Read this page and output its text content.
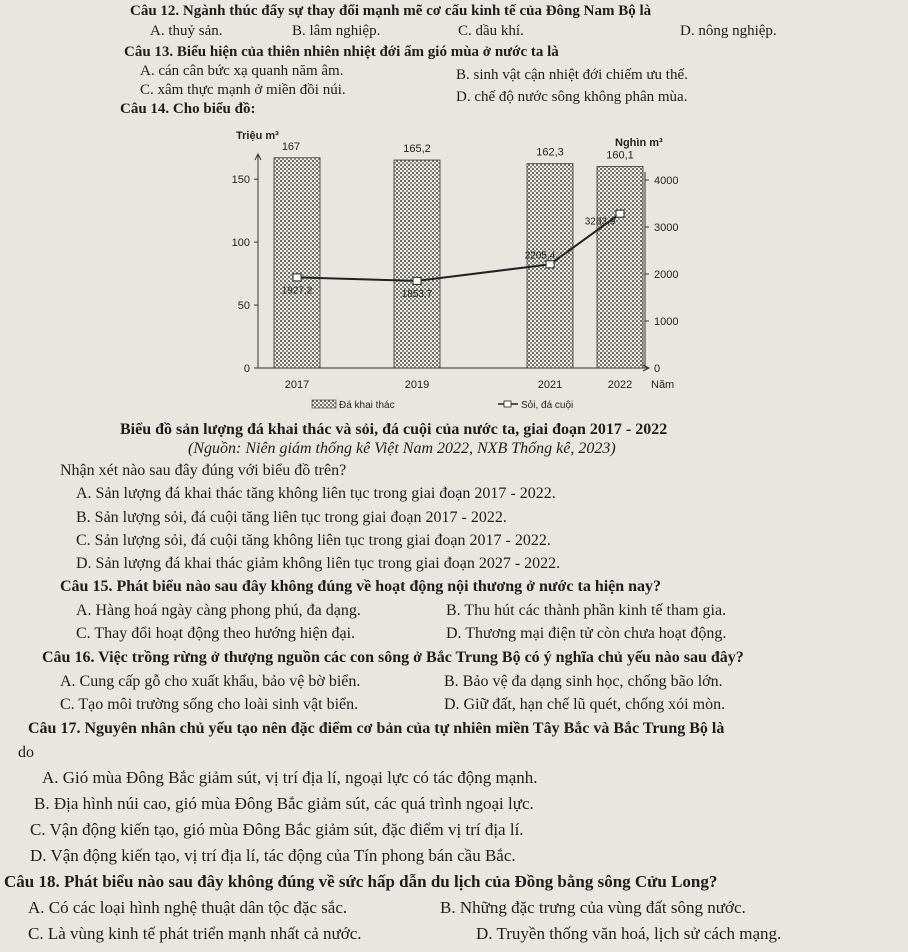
Câu 12. Ngành thúc đẩy sự thay đổi mạnh mẽ cơ cấu kinh tế của Đông Nam Bộ là
A. thuỷ sản.	B. lâm nghiệp.	C. dầu khí.	D. nông nghiệp.
Câu 13. Biểu hiện của thiên nhiên nhiệt đới ẩm gió mùa ở nước ta là
A. cán cân bức xạ quanh năm âm.	B. sinh vật cận nhiệt đới chiếm ưu thế.
C. xâm thực mạnh ở miền đồi núi.	D. chế độ nước sông không phân mùa.
Câu 14. Cho biểu đồ:
Triệu m³
Nghìn m³
0
50
100
150
0
1000
2000
3000
4000
2017	2019	2021	2022 Năm
167	165,2	162,3	160,1
1927,2	1853,7
2205,4
3283,9
Đá khai thác	Sỏi, đá cuội
Biểu đồ sản lượng đá khai thác và sỏi, đá cuội của nước ta, giai đoạn 2017 - 2022
(Nguồn: Niên giám thống kê Việt Nam 2022, NXB Thống kê, 2023)
Nhận xét nào sau đây đúng với biểu đồ trên?
A. Sản lượng đá khai thác tăng không liên tục trong giai đoạn 2017 - 2022.
B. Sản lượng sỏi, đá cuội tăng liên tục trong giai đoạn 2017 - 2022.
C. Sản lượng sỏi, đá cuội tăng không liên tục trong giai đoạn 2017 - 2022.
D. Sản lượng đá khai thác giảm không liên tục trong giai đoạn 2027 - 2022.
Câu 15. Phát biểu nào sau đây không đúng về hoạt động nội thương ở nước ta hiện nay?
A. Hàng hoá ngày càng phong phú, đa dạng.	B. Thu hút các thành phần kinh tế tham gia.
C. Thay đổi hoạt động theo hướng hiện đại.	D. Thương mại điện tử còn chưa hoạt động.
Câu 16. Việc trồng rừng ở thượng nguồn các con sông ở Bắc Trung Bộ có ý nghĩa chủ yếu nào sau đây?
A. Cung cấp gỗ cho xuất khẩu, bảo vệ bờ biển.	B. Bảo vệ đa dạng sinh học, chống bão lớn.
C. Tạo môi trường sống cho loài sinh vật biển.	D. Giữ đất, hạn chế lũ quét, chống xói mòn.
Câu 17. Nguyên nhân chủ yếu tạo nên đặc điểm cơ bản của tự nhiên miền Tây Bắc và Bắc Trung Bộ là
do
A. Gió mùa Đông Bắc giảm sút, vị trí địa lí, ngoại lực có tác động mạnh.
B. Địa hình núi cao, gió mùa Đông Bắc giảm sút, các quá trình ngoại lực.
C. Vận động kiến tạo, gió mùa Đông Bắc giảm sút, đặc điểm vị trí địa lí.
D. Vận động kiến tạo, vị trí địa lí, tác động của Tín phong bán cầu Bắc.
Câu 18. Phát biểu nào sau đây không đúng về sức hấp dẫn du lịch của Đồng bằng sông Cửu Long?
A. Có các loại hình nghệ thuật dân tộc đặc sắc.	B. Những đặc trưng của vùng đất sông nước.
C. Là vùng kinh tế phát triển mạnh nhất cả nước.	D. Truyền thống văn hoá, lịch sử cách mạng.
